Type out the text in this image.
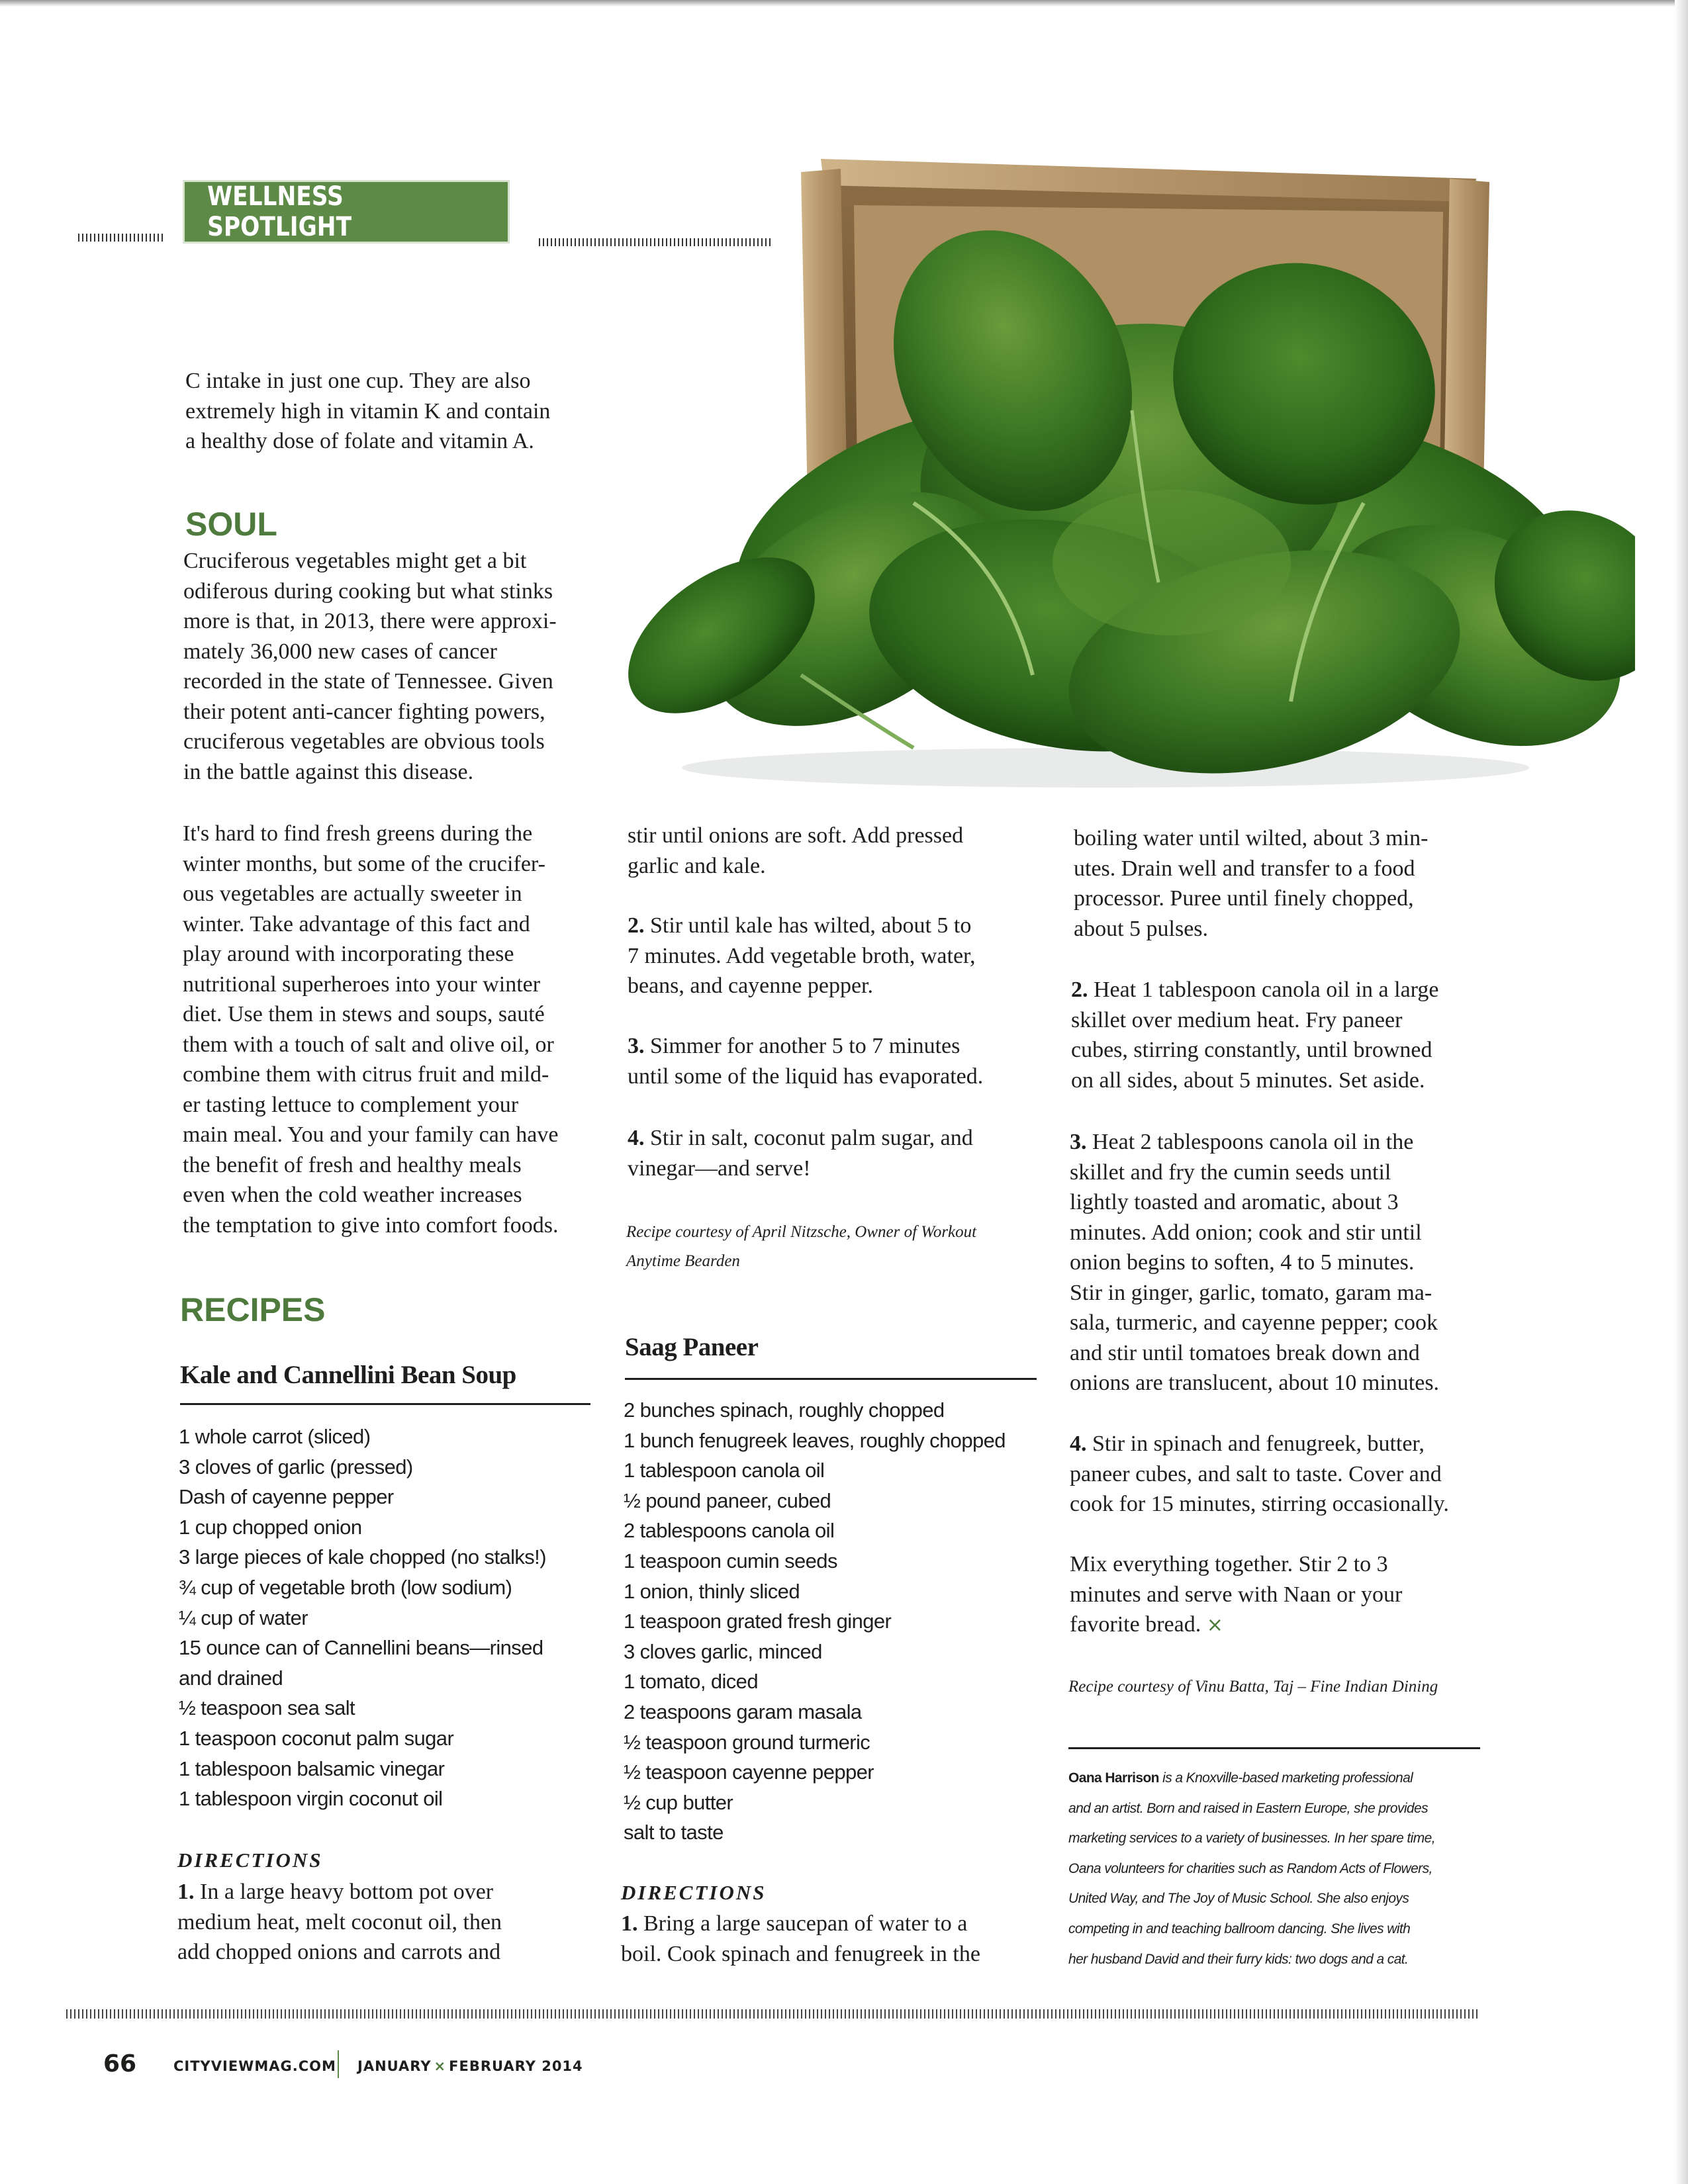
WELLNESS SPOTLIGHT
C intake in just one cup. They are also
extremely high in vitamin K and contain
a healthy dose of folate and vitamin A.
SOUL
Cruciferous vegetables might get a bit
odiferous during cooking but what stinks
more is that, in 2013, there were approxi-
mately 36,000 new cases of cancer
recorded in the state of Tennessee. Given
their potent anti-cancer fighting powers,
cruciferous vegetables are obvious tools
in the battle against this disease.
It's hard to find fresh greens during the
winter months, but some of the crucifer-
ous vegetables are actually sweeter in
winter. Take advantage of this fact and
play around with incorporating these
nutritional superheroes into your winter
diet. Use them in stews and soups, sauté
them with a touch of salt and olive oil, or
combine them with citrus fruit and mild-
er tasting lettuce to complement your
main meal. You and your family can have
the benefit of fresh and healthy meals
even when the cold weather increases
the temptation to give into comfort foods.
RECIPES
Kale and Cannellini Bean Soup
1 whole carrot (sliced)
3 cloves of garlic (pressed)
Dash of cayenne pepper
1 cup chopped onion
3 large pieces of kale chopped (no stalks!)
¾ cup of vegetable broth (low sodium)
¼ cup of water
15 ounce can of Cannellini beans—rinsed
and drained
½ teaspoon sea salt
1 teaspoon coconut palm sugar
1 tablespoon balsamic vinegar
1 tablespoon virgin coconut oil
DIRECTIONS
1. In a large heavy bottom pot over
medium heat, melt coconut oil, then
add chopped onions and carrots and
stir until onions are soft. Add pressed
garlic and kale.
2. Stir until kale has wilted, about 5 to
7 minutes. Add vegetable broth, water,
beans, and cayenne pepper.
3. Simmer for another 5 to 7 minutes
until some of the liquid has evaporated.
4. Stir in salt, coconut palm sugar, and
vinegar—and serve!
Recipe courtesy of April Nitzsche, Owner of Workout
Anytime Bearden
Saag Paneer
2 bunches spinach, roughly chopped
1 bunch fenugreek leaves, roughly chopped
1 tablespoon canola oil
½ pound paneer, cubed
2 tablespoons canola oil
1 teaspoon cumin seeds
1 onion, thinly sliced
1 teaspoon grated fresh ginger
3 cloves garlic, minced
1 tomato, diced
2 teaspoons garam masala
½ teaspoon ground turmeric
½ teaspoon cayenne pepper
½ cup butter
salt to taste
DIRECTIONS
1. Bring a large saucepan of water to a
boil. Cook spinach and fenugreek in the
boiling water until wilted, about 3 min-
utes. Drain well and transfer to a food
processor. Puree until finely chopped,
about 5 pulses.
2. Heat 1 tablespoon canola oil in a large
skillet over medium heat. Fry paneer
cubes, stirring constantly, until browned
on all sides, about 5 minutes. Set aside.
3. Heat 2 tablespoons canola oil in the
skillet and fry the cumin seeds until
lightly toasted and aromatic, about 3
minutes. Add onion; cook and stir until
onion begins to soften, 4 to 5 minutes.
Stir in ginger, garlic, tomato, garam ma-
sala, turmeric, and cayenne pepper; cook
and stir until tomatoes break down and
onions are translucent, about 10 minutes.
4. Stir in spinach and fenugreek, butter,
paneer cubes, and salt to taste. Cover and
cook for 15 minutes, stirring occasionally.
Mix everything together. Stir 2 to 3
minutes and serve with Naan or your
favorite bread. ×
Recipe courtesy of Vinu Batta, Taj – Fine Indian Dining
Oana Harrison is a Knoxville-based marketing professional
and an artist. Born and raised in Eastern Europe, she provides
marketing services to a variety of businesses. In her spare time,
Oana volunteers for charities such as Random Acts of Flowers,
United Way, and The Joy of Music School. She also enjoys
competing in and teaching ballroom dancing. She lives with
her husband David and their furry kids: two dogs and a cat.
66	CITYVIEWMAG.COM JANUARY × FEBRUARY 2014
